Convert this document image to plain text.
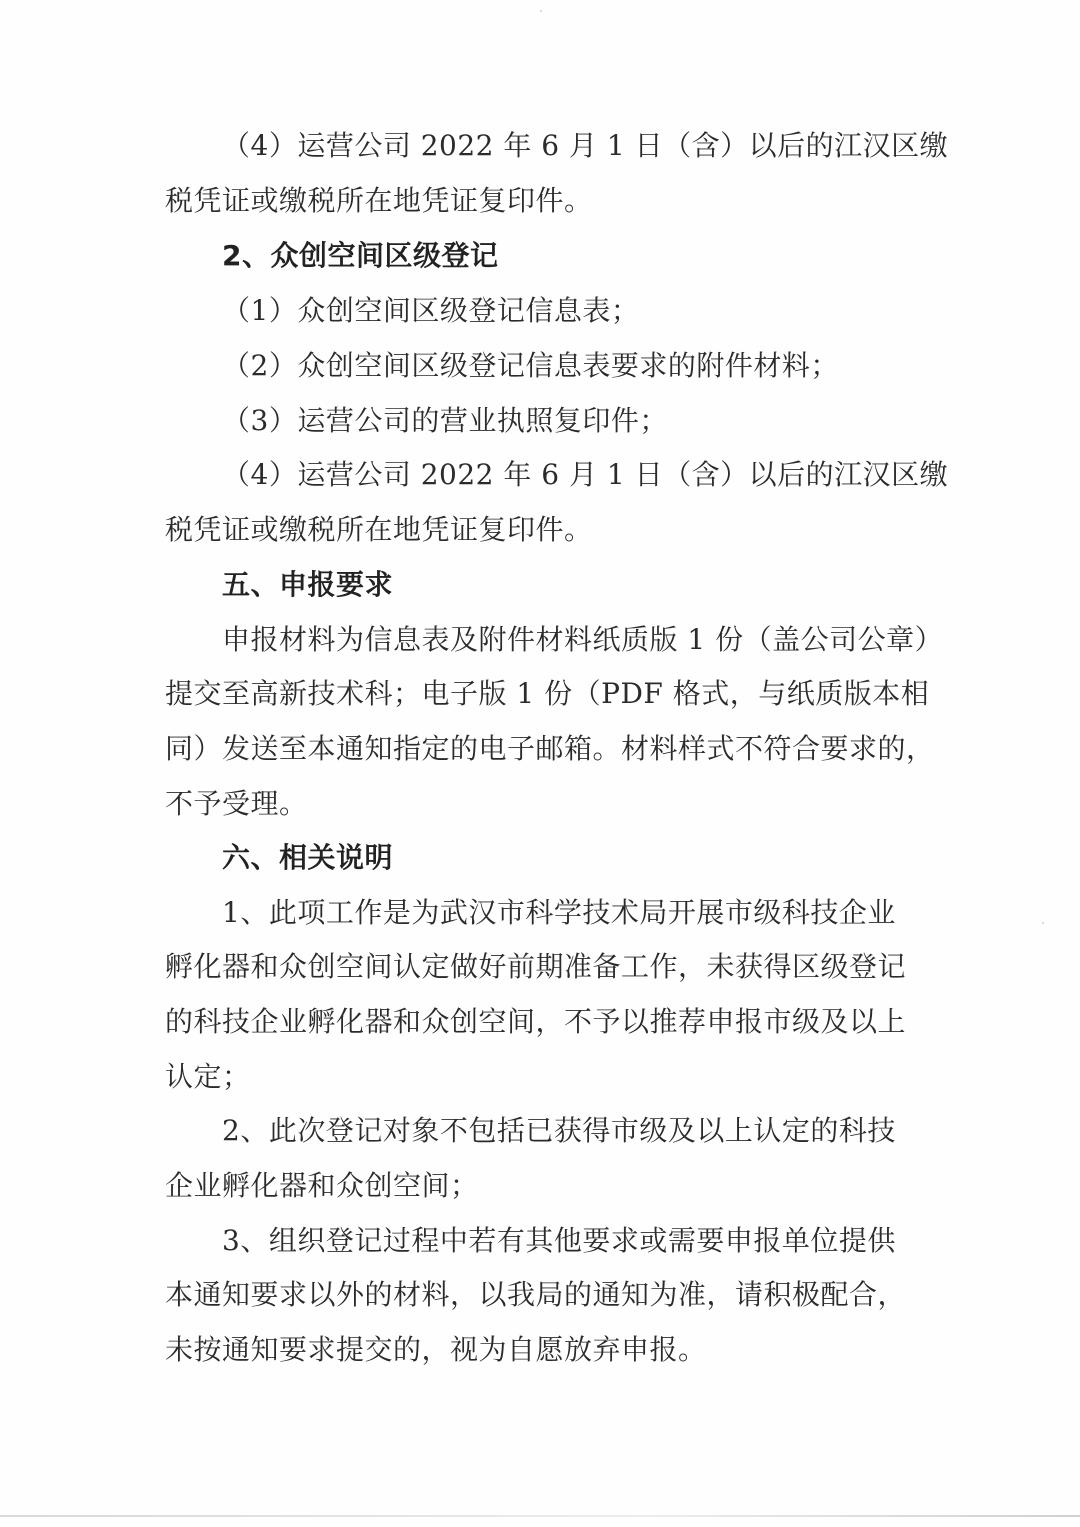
（4）运营公司 2022 年 6 月 1 日（含）以后的江汉区缴
税凭证或缴税所在地凭证复印件。
2、众创空间区级登记
（1）众创空间区级登记信息表；
（2）众创空间区级登记信息表要求的附件材料；
（3）运营公司的营业执照复印件；
（4）运营公司 2022 年 6 月 1 日（含）以后的江汉区缴
税凭证或缴税所在地凭证复印件。
五、申报要求
申报材料为信息表及附件材料纸质版 1 份（盖公司公章）
提交至高新技术科；电子版 1 份（PDF 格式，与纸质版本相
同）发送至本通知指定的电子邮箱。材料样式不符合要求的，
不予受理。
六、相关说明
1、此项工作是为武汉市科学技术局开展市级科技企业
孵化器和众创空间认定做好前期准备工作，未获得区级登记
的科技企业孵化器和众创空间，不予以推荐申报市级及以上
认定；
2、此次登记对象不包括已获得市级及以上认定的科技
企业孵化器和众创空间；
3、组织登记过程中若有其他要求或需要申报单位提供
本通知要求以外的材料，以我局的通知为准，请积极配合，
未按通知要求提交的，视为自愿放弃申报。
